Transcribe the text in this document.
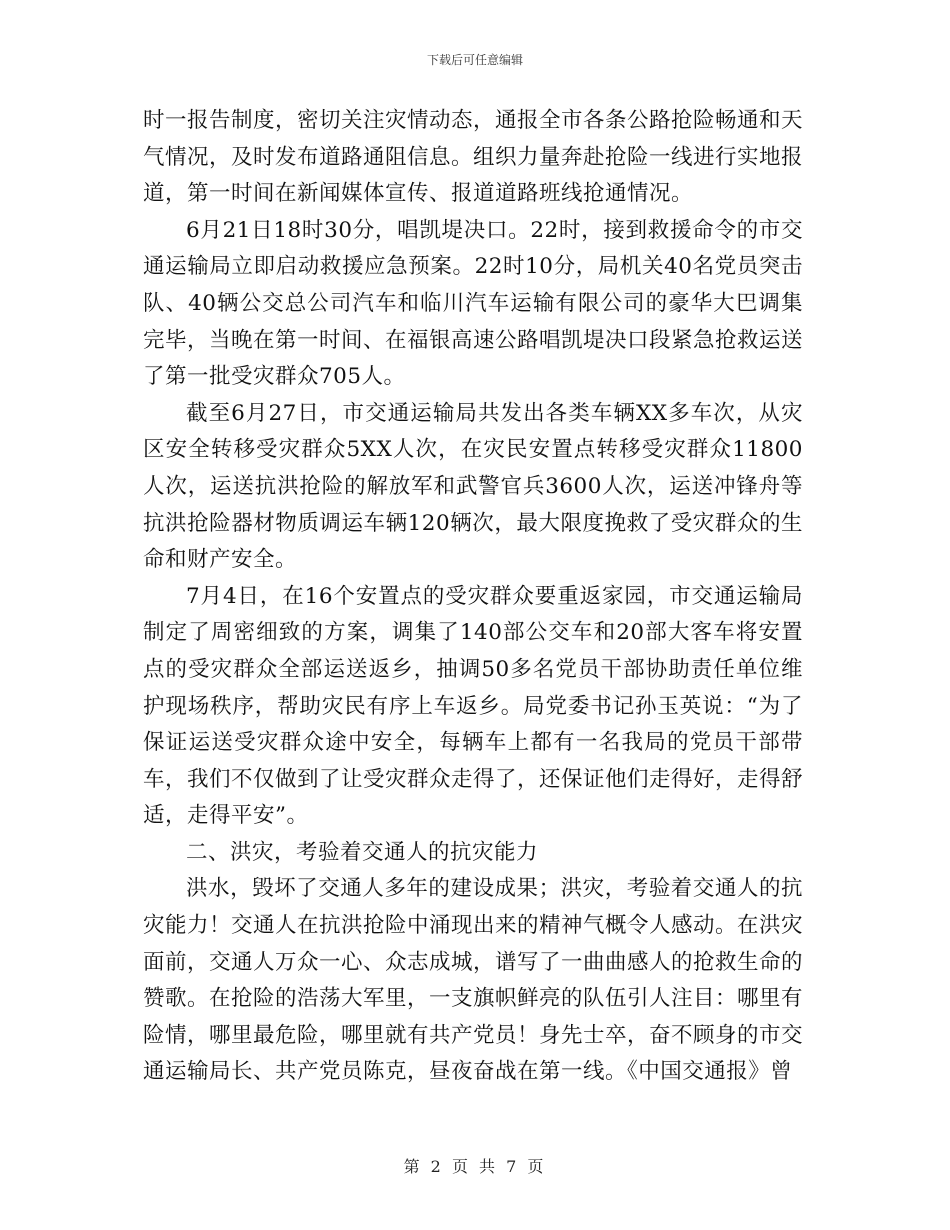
下载后可任意编辑

时一报告制度，密切关注灾情动态，通报全市各条公路抢险畅通和天气情况，及时发布道路通阻信息。组织力量奔赴抢险一线进行实地报道，第一时间在新闻媒体宣传、报道道路班线抢通情况。

6月21日18时30分，唱凯堤决口。22时，接到救援命令的市交通运输局立即启动救援应急预案。22时10分，局机关40名党员突击队、40辆公交总公司汽车和临川汽车运输有限公司的豪华大巴调集完毕，当晚在第一时间、在福银高速公路唱凯堤决口段紧急抢救运送了第一批受灾群众705人。

截至6月27日，市交通运输局共发出各类车辆XX多车次，从灾区安全转移受灾群众5XX人次，在灾民安置点转移受灾群众11800人次，运送抗洪抢险的解放军和武警官兵3600人次，运送冲锋舟等抗洪抢险器材物质调运车辆120辆次，最大限度挽救了受灾群众的生命和财产安全。

7月4日，在16个安置点的受灾群众要重返家园，市交通运输局制定了周密细致的方案，调集了140部公交车和20部大客车将安置点的受灾群众全部运送返乡，抽调50多名党员干部协助责任单位维护现场秩序，帮助灾民有序上车返乡。局党委书记孙玉英说：“为了保证运送受灾群众途中安全，每辆车上都有一名我局的党员干部带车，我们不仅做到了让受灾群众走得了，还保证他们走得好，走得舒适，走得平安”。

二、洪灾，考验着交通人的抗灾能力

洪水，毁坏了交通人多年的建设成果；洪灾，考验着交通人的抗灾能力！交通人在抗洪抢险中涌现出来的精神气概令人感动。在洪灾面前，交通人万众一心、众志成城，谱写了一曲曲感人的抢救生命的赞歌。在抢险的浩荡大军里，一支旗帜鲜亮的队伍引人注目：哪里有险情，哪里最危险，哪里就有共产党员！身先士卒，奋不顾身的市交通运输局长、共产党员陈克，昼夜奋战在第一线。《中国交通报》曾

第 2 页 共 7 页
